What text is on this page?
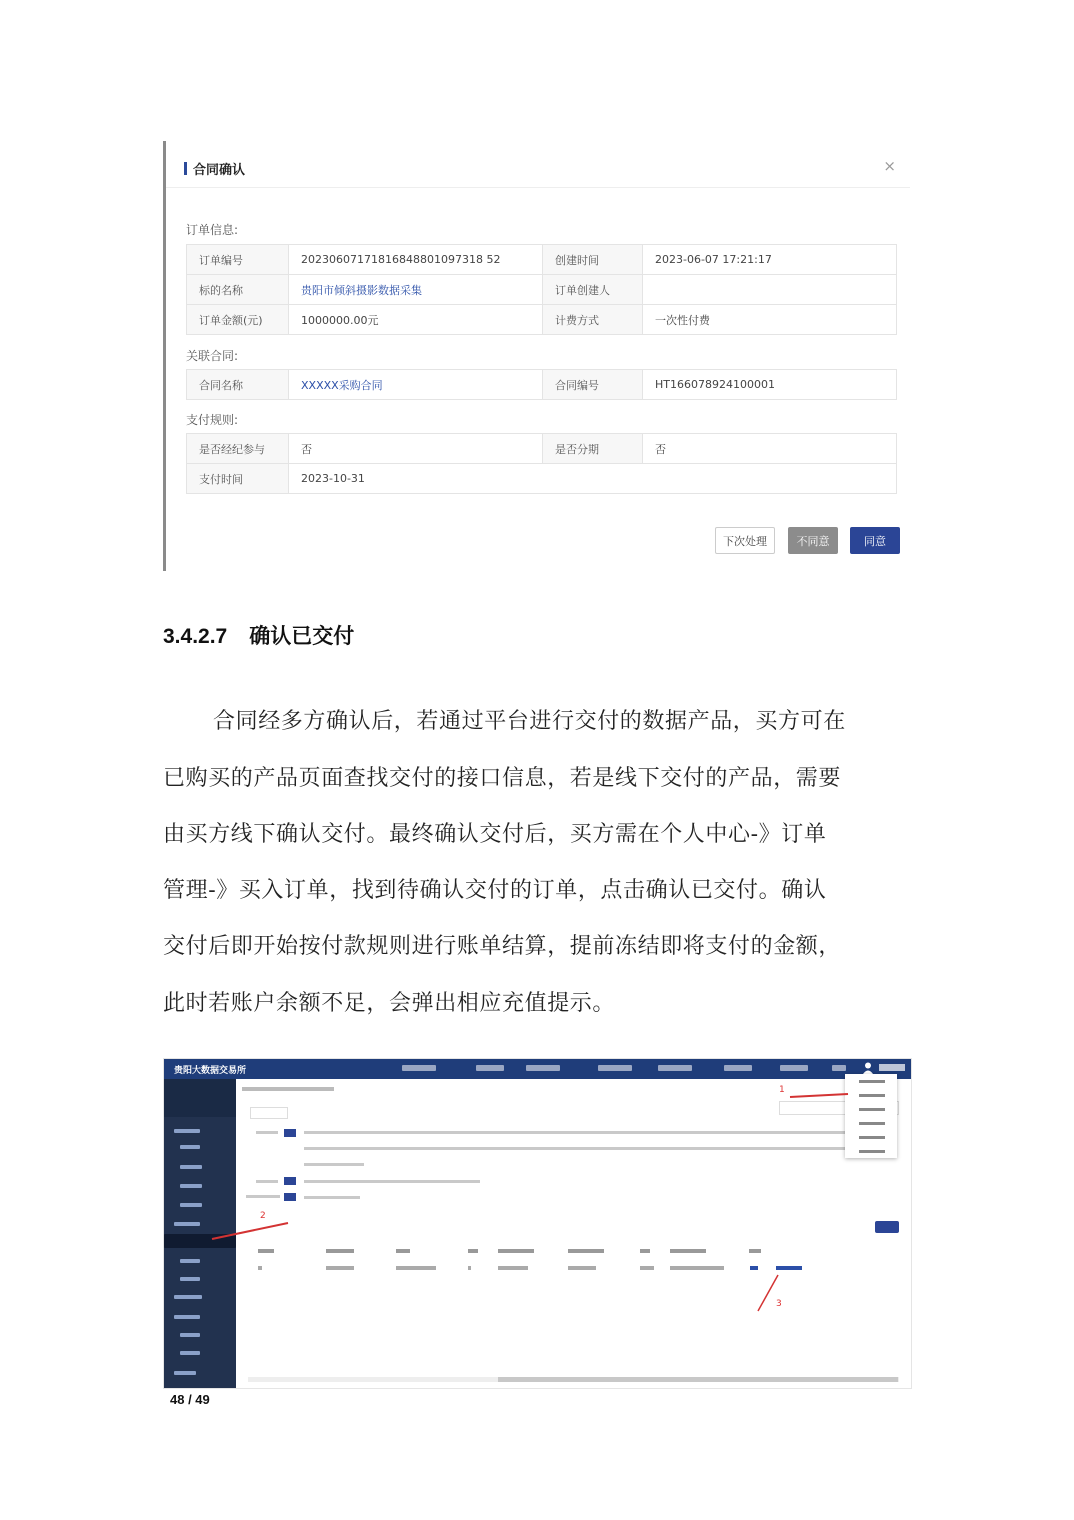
合同确认	×
订单信息:
订单编号	20230607171816848801097318 52	创建时间	2023-06-07 17:21:17
标的名称	贵阳市倾斜摄影数据采集	订单创建人	
订单金额(元)	1000000.00元	计费方式	一次性付费
关联合同:
合同名称	XXXXX采购合同	合同编号	HT166078924100001
支付规则:
是否经纪参与	否	是否分期	否
支付时间	2023-10-31		
下次处理	不同意	同意
3.4.2.7 确认已交付
合同经多方确认后，若通过平台进行交付的数据产品，买方可在
已购买的产品页面查找交付的接口信息，若是线下交付的产品，需要
由买方线下确认交付。最终确认交付后，买方需在个人中心-》订单
管理-》买入订单，找到待确认交付的订单，点击确认已交付。确认
交付后即开始按付款规则进行账单结算，提前冻结即将支付的金额，
此时若账户余额不足，会弹出相应充值提示。
贵阳大数据交易所
1
2
3
48 / 49
